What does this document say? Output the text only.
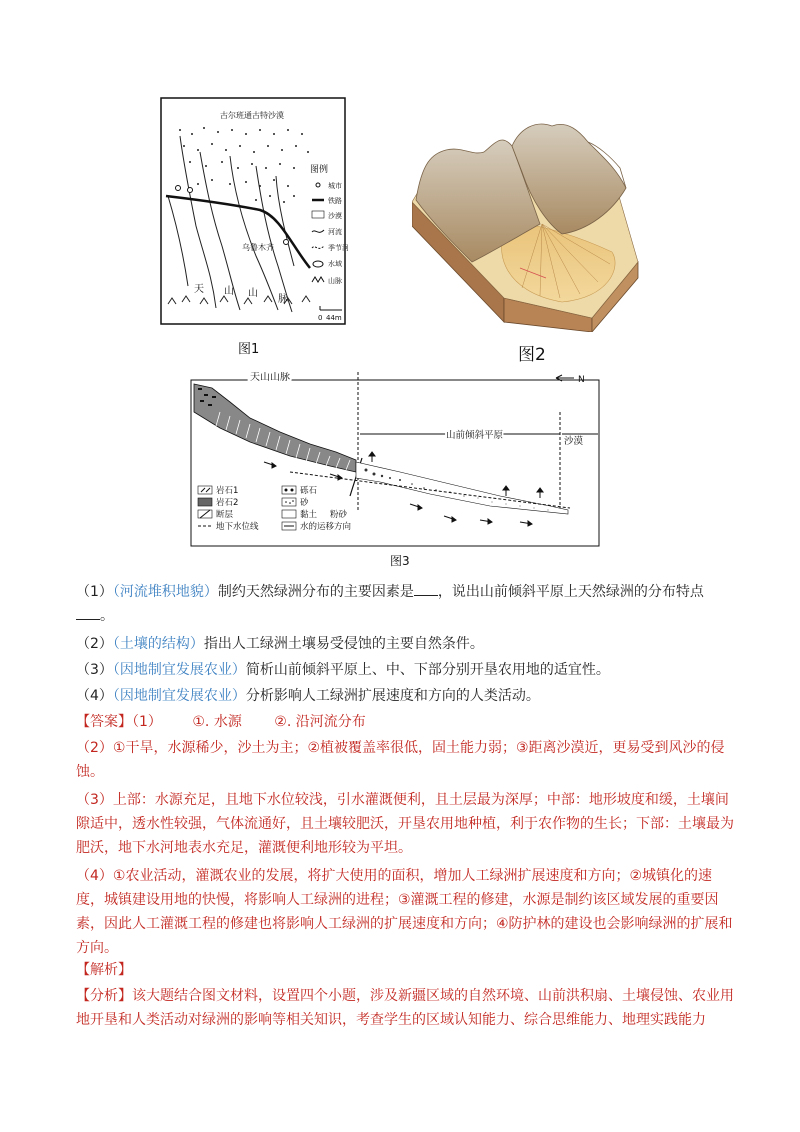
古尔班通古特沙漠
乌鲁木齐
天 山 山
脉
图例
城市
铁路
沙漠
河流
季节河
水域
山脉
0 44m
图1	图2
N
天山山脉
山前倾斜平原
沙漠
岩石1	砾石
岩石2	砂
断层	黏土 粉砂
地下水位线	水的运移方向
图3
（1）（河流堆积地貌）制约天然绿洲分布的主要因素是 ，说出山前倾斜平原上天然绿洲的分布特点
。
（2）（土壤的结构）指出人工绿洲土壤易受侵蚀的主要自然条件。
（3）（因地制宜发展农业）简析山前倾斜平原上、中、下部分别开垦农用地的适宜性。
（4）（因地制宜发展农业）分析影响人工绿洲扩展速度和方向的人类活动。
【答案】（1） ①. 水源 ②. 沿河流分布
（2）①干旱，水源稀少，沙土为主；②植被覆盖率很低，固土能力弱；③距离沙漠近，更易受到风沙的侵蚀。
（3）上部：水源充足，且地下水位较浅，引水灌溉便利，且土层最为深厚；中部：地形坡度和缓，土壤间隙适中，透水性较强，气体流通好，且土壤较肥沃，开垦农用地种植，利于农作物的生长；下部：土壤最为肥沃，地下水河地表水充足，灌溉便利地形较为平坦。
（4）①农业活动，灌溉农业的发展，将扩大使用的面积，增加人工绿洲扩展速度和方向；②城镇化的速度，城镇建设用地的快慢，将影响人工绿洲的进程；③灌溉工程的修建，水源是制约该区域发展的重要因素，因此人工灌溉工程的修建也将影响人工绿洲的扩展速度和方向；④防护林的建设也会影响绿洲的扩展和方向。
【解析】
【分析】该大题结合图文材料，设置四个小题，涉及新疆区域的自然环境、山前洪积扇、土壤侵蚀、农业用地开垦和人类活动对绿洲的影响等相关知识，考查学生的区域认知能力、综合思维能力、地理实践能力
